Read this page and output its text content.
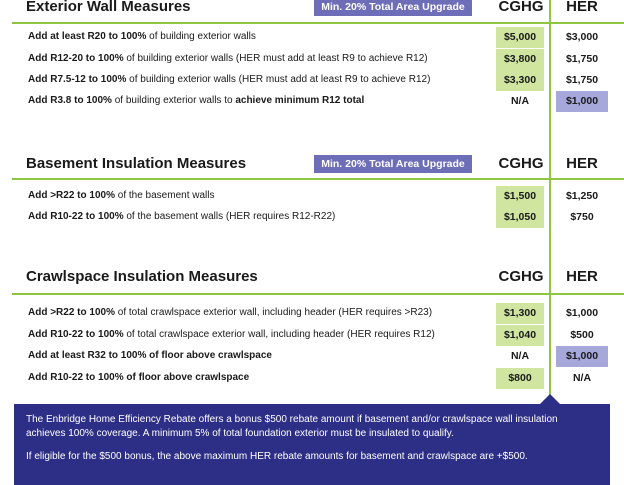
Exterior Wall Measures	Min. 20% Total Area Upgrade	CGHG	HER
Add at least R20 to 100% of building exterior walls	$5,000	$3,000
Add R12-20 to 100% of building exterior walls (HER must add at least R9 to achieve R12)	$3,800	$1,750
Add R7.5-12 to 100% of building exterior walls (HER must add at least R9 to achieve R12)	$3,300	$1,750
Add R3.8 to 100% of building exterior walls to achieve minimum R12 total	N/A	$1,000
Basement Insulation Measures	Min. 20% Total Area Upgrade	CGHG	HER
Add >R22 to 100% of the basement walls	$1,500	$1,250
Add R10-22 to 100% of the basement walls (HER requires R12-R22)	$1,050	$750
Crawlspace Insulation Measures	CGHG	HER
Add >R22 to 100% of total crawlspace exterior wall, including header (HER requires >R23)	$1,300	$1,000
Add R10-22 to 100% of total crawlspace exterior wall, including header (HER requires R12)	$1,040	$500
Add at least R32 to 100% of floor above crawlspace	N/A	$1,000
Add R10-22 to 100% of floor above crawlspace	$800	N/A

The Enbridge Home Efficiency Rebate offers a bonus $500 rebate amount if basement and/or crawlspace wall insulation achieves 100% coverage. A minimum 5% of total foundation exterior must be insulated to qualify.

If eligible for the $500 bonus, the above maximum HER rebate amounts for basement and crawlspace are +$500.
